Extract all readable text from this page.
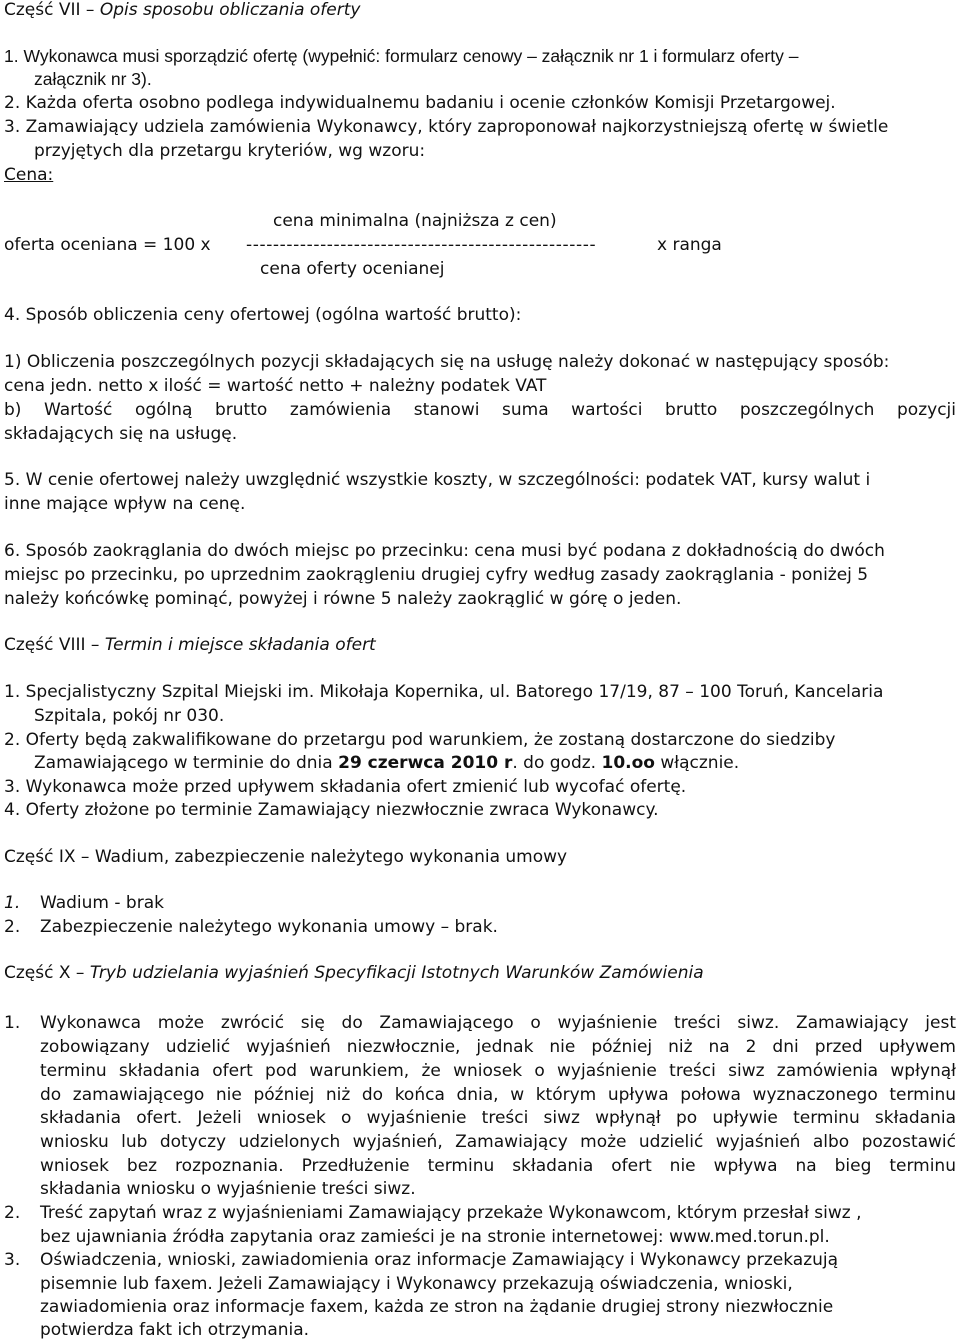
Część VII – Opis sposobu obliczania oferty
1. Wykonawca musi sporządzić ofertę (wypełnić: formularz cenowy – załącznik nr 1 i formularz oferty –
załącznik nr 3).
2. Każda oferta osobno podlega indywidualnemu badaniu i ocenie członków Komisji Przetargowej.
3. Zamawiający udziela zamówienia Wykonawcy, który zaproponował najkorzystniejszą ofertę w świetle
przyjętych dla przetargu kryteriów, wg wzoru:
Cena:
cena minimalna (najniższa z cen)
oferta oceniana = 100 x ----------------------------------------------------	x ranga
cena oferty ocenianej
4. Sposób obliczenia ceny ofertowej (ogólna wartość brutto):
1) Obliczenia poszczególnych pozycji składających się na usługę należy dokonać w następujący sposób:
cena jedn. netto x ilość = wartość netto + należny podatek VAT
b) Wartość ogólną brutto zamówienia stanowi suma wartości brutto poszczególnych pozycji
składających się na usługę.
5. W cenie ofertowej należy uwzględnić wszystkie koszty, w szczególności: podatek VAT, kursy walut i
inne mające wpływ na cenę.
6. Sposób zaokrąglania do dwóch miejsc po przecinku: cena musi być podana z dokładnością do dwóch
miejsc po przecinku, po uprzednim zaokrągleniu drugiej cyfry według zasady zaokrąglania - poniżej 5
należy końcówkę pominąć, powyżej i równe 5 należy zaokrąglić w górę o jeden.
Część VIII – Termin i miejsce składania ofert
1. Specjalistyczny Szpital Miejski im. Mikołaja Kopernika, ul. Batorego 17/19, 87 – 100 Toruń, Kancelaria
Szpitala, pokój nr 030.
2. Oferty będą zakwalifikowane do przetargu pod warunkiem, że zostaną dostarczone do siedziby
Zamawiającego w terminie do dnia 29 czerwca 2010 r. do godz. 10.oo włącznie.
3. Wykonawca może przed upływem składania ofert zmienić lub wycofać ofertę.
4. Oferty złożone po terminie Zamawiający niezwłocznie zwraca Wykonawcy.
Część IX – Wadium, zabezpieczenie należytego wykonania umowy
1. Wadium - brak
2. Zabezpieczenie należytego wykonania umowy – brak.
Część X – Tryb udzielania wyjaśnień Specyfikacji Istotnych Warunków Zamówienia
1. Wykonawca może zwrócić się do Zamawiającego o wyjaśnienie treści siwz. Zamawiający jest
zobowiązany udzielić wyjaśnień niezwłocznie, jednak nie później niż na 2 dni przed upływem
terminu składania ofert pod warunkiem, że wniosek o wyjaśnienie treści siwz zamówienia wpłynął
do zamawiającego nie później niż do końca dnia, w którym upływa połowa wyznaczonego terminu
składania ofert. Jeżeli wniosek o wyjaśnienie treści siwz wpłynął po upływie terminu składania
wniosku lub dotyczy udzielonych wyjaśnień, Zamawiający może udzielić wyjaśnień albo pozostawić
wniosek bez rozpoznania. Przedłużenie terminu składania ofert nie wpływa na bieg terminu
składania wniosku o wyjaśnienie treści siwz.
2. Treść zapytań wraz z wyjaśnieniami Zamawiający przekaże Wykonawcom, którym przesłał siwz ,
bez ujawniania źródła zapytania oraz zamieści je na stronie internetowej: www.med.torun.pl.
3. Oświadczenia, wnioski, zawiadomienia oraz informacje Zamawiający i Wykonawcy przekazują
pisemnie lub faxem. Jeżeli Zamawiający i Wykonawcy przekazują oświadczenia, wnioski,
zawiadomienia oraz informacje faxem, każda ze stron na żądanie drugiej strony niezwłocznie
potwierdza fakt ich otrzymania.
